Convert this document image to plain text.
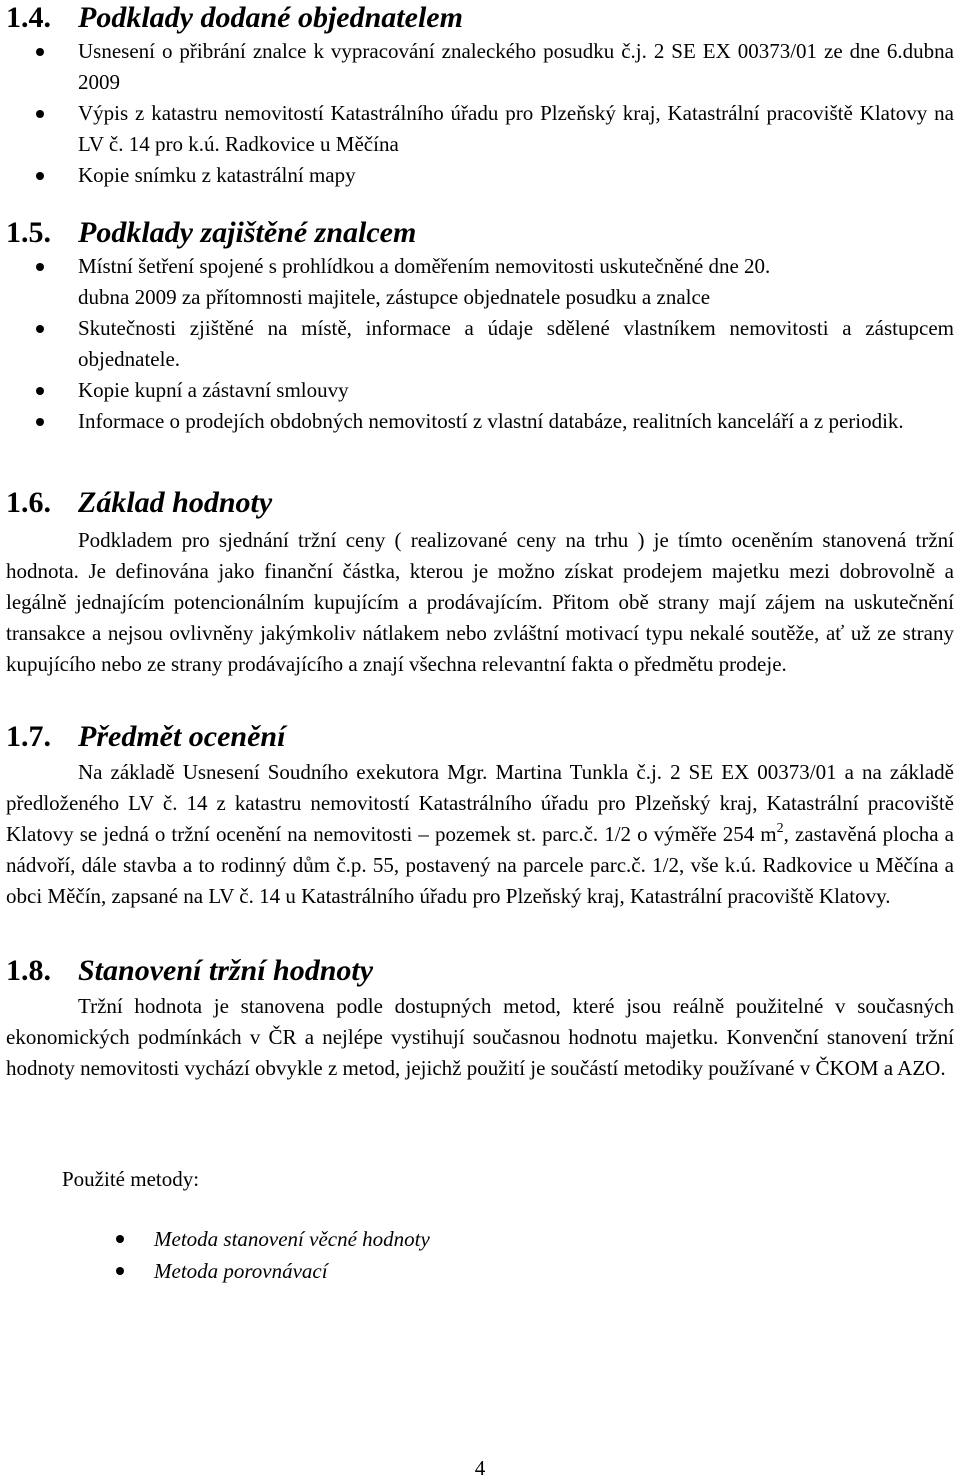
1.4. Podklady dodané objednatelem
Usnesení o přibrání znalce k vypracování znaleckého posudku č.j. 2 SE EX 00373/01 ze dne 6.dubna 2009
Výpis z katastru nemovitostí Katastrálního úřadu pro Plzeňský kraj, Katastrální pracoviště Klatovy na LV č. 14 pro k.ú. Radkovice u Měčína
Kopie snímku z katastrální mapy
1.5. Podklady zajištěné znalcem
Místní šetření spojené s prohlídkou a doměřením nemovitosti uskutečněné dne 20.
dubna 2009 za přítomnosti majitele, zástupce objednatele posudku a znalce
Skutečnosti zjištěné na místě, informace a údaje sdělené vlastníkem nemovitosti a zástupcem objednatele.
Kopie kupní a zástavní smlouvy
Informace o prodejích obdobných nemovitostí z vlastní databáze, realitních kanceláří a z periodik.
1.6. Základ hodnoty

Podkladem pro sjednání tržní ceny ( realizované ceny na trhu ) je tímto oceněním stanovená tržní hodnota. Je definována jako finanční částka, kterou je možno získat prodejem majetku mezi dobrovolně a legálně jednajícím potencionálním kupujícím a prodávajícím. Přitom obě strany mají zájem na uskutečnění transakce a nejsou ovlivněny jakýmkoliv nátlakem nebo zvláštní motivací typu nekalé soutěže, ať už ze strany kupujícího nebo ze strany prodávajícího a znají všechna relevantní fakta o předmětu prodeje.

1.7. Předmět ocenění

Na základě Usnesení Soudního exekutora Mgr. Martina Tunkla č.j. 2 SE EX 00373/01 a na základě předloženého LV č. 14 z katastru nemovitostí Katastrálního úřadu pro Plzeňský kraj, Katastrální pracoviště Klatovy se jedná o tržní ocenění na nemovitosti – pozemek st. parc.č. 1/2 o výměře 254 $m^2$, zastavěná plocha a nádvoří, dále stavba a to rodinný dům č.p. 55, postavený na parcele parc.č. 1/2, vše k.ú. Radkovice u Měčína a obci Měčín, zapsané na LV č. 14 u Katastrálního úřadu pro Plzeňský kraj, Katastrální pracoviště Klatovy.

1.8. Stanovení tržní hodnoty

Tržní hodnota je stanovena podle dostupných metod, které jsou reálně použitelné v současných ekonomických podmínkách v ČR a nejlépe vystihují současnou hodnotu majetku. Konvenční stanovení tržní hodnoty nemovitosti vychází obvykle z metod, jejichž použití je součástí metodiky používané v ČKOM a AZO.

Použité metody:
Metoda stanovení věcné hodnoty
Metoda porovnávací
4
